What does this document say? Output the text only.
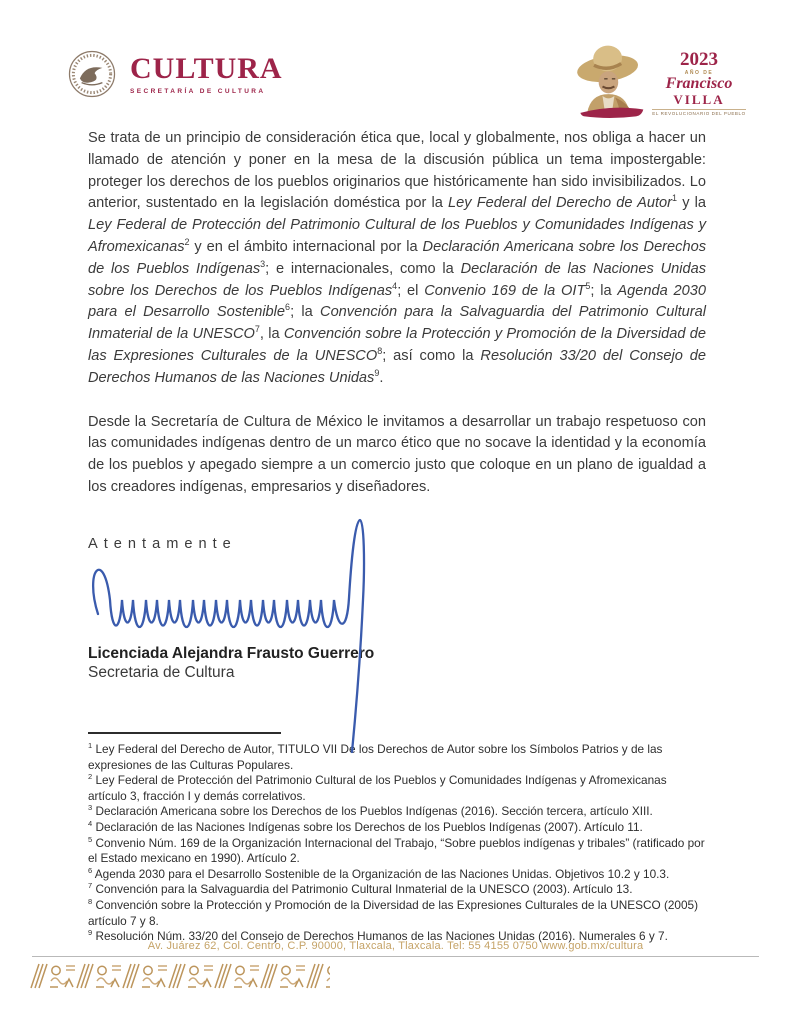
CULTURA
SECRETARÍA DE CULTURA
2023
AÑO DE
Francisco
VILLA
EL REVOLUCIONARIO DEL PUEBLO

Se trata de un principio de consideración ética que, local y globalmente, nos obliga a hacer un llamado de atención y poner en la mesa de la discusión pública un tema impostergable: proteger los derechos de los pueblos originarios que históricamente han sido invisibilizados. Lo anterior, sustentado en la legislación doméstica por la Ley Federal del Derecho de Autor$^1$ y la Ley Federal de Protección del Patrimonio Cultural de los Pueblos y Comunidades Indígenas y Afromexicanas$^2$ y en el ámbito internacional por la Declaración Americana sobre los Derechos de los Pueblos Indígenas$^3$; e internacionales, como la Declaración de las Naciones Unidas sobre los Derechos de los Pueblos Indígenas$^4$; el Convenio 169 de la OIT$^5$; la Agenda 2030 para el Desarrollo Sostenible$^6$; la Convención para la Salvaguardia del Patrimonio Cultural Inmaterial de la UNESCO$^7$, la Convención sobre la Protección y Promoción de la Diversidad de las Expresiones Culturales de la UNESCO$^8$; así como la Resolución 33/20 del Consejo de Derechos Humanos de las Naciones Unidas$^9$.

Desde la Secretaría de Cultura de México le invitamos a desarrollar un trabajo respetuoso con las comunidades indígenas dentro de un marco ético que no socave la identidad y la economía de los pueblos y apegado siempre a un comercio justo que coloque en un plano de igualdad a los creadores indígenas, empresarios y diseñadores.

Atentamente
Licenciada Alejandra Frausto Guerrero
Secretaria de Cultura
$^1$ Ley Federal del Derecho de Autor, TITULO VII De los Derechos de Autor sobre los Símbolos Patrios y de las expresiones de las Culturas Populares.
$^2$ Ley Federal de Protección del Patrimonio Cultural de los Pueblos y Comunidades Indígenas y Afromexicanas artículo 3, fracción I y demás correlativos.
$^3$ Declaración Americana sobre los Derechos de los Pueblos Indígenas (2016). Sección tercera, artículo XIII.
$^4$ Declaración de las Naciones Indígenas sobre los Derechos de los Pueblos Indígenas (2007). Artículo 11.
$^5$ Convenio Núm. 169 de la Organización Internacional del Trabajo, “Sobre pueblos indígenas y tribales” (ratificado por el Estado mexicano en 1990). Artículo 2.
$^6$ Agenda 2030 para el Desarrollo Sostenible de la Organización de las Naciones Unidas. Objetivos 10.2 y 10.3.
$^7$ Convención para la Salvaguardia del Patrimonio Cultural Inmaterial de la UNESCO (2003). Artículo 13.
$^8$ Convención sobre la Protección y Promoción de la Diversidad de las Expresiones Culturales de la UNESCO (2005) artículo 7 y 8.
$^9$ Resolución Núm. 33/20 del Consejo de Derechos Humanos de las Naciones Unidas (2016). Numerales 6 y 7.
Av. Juárez 62, Col. Centro, C.P. 90000, Tlaxcala, Tlaxcala. Tel: 55 4155 0750 www.gob.mx/cultura
